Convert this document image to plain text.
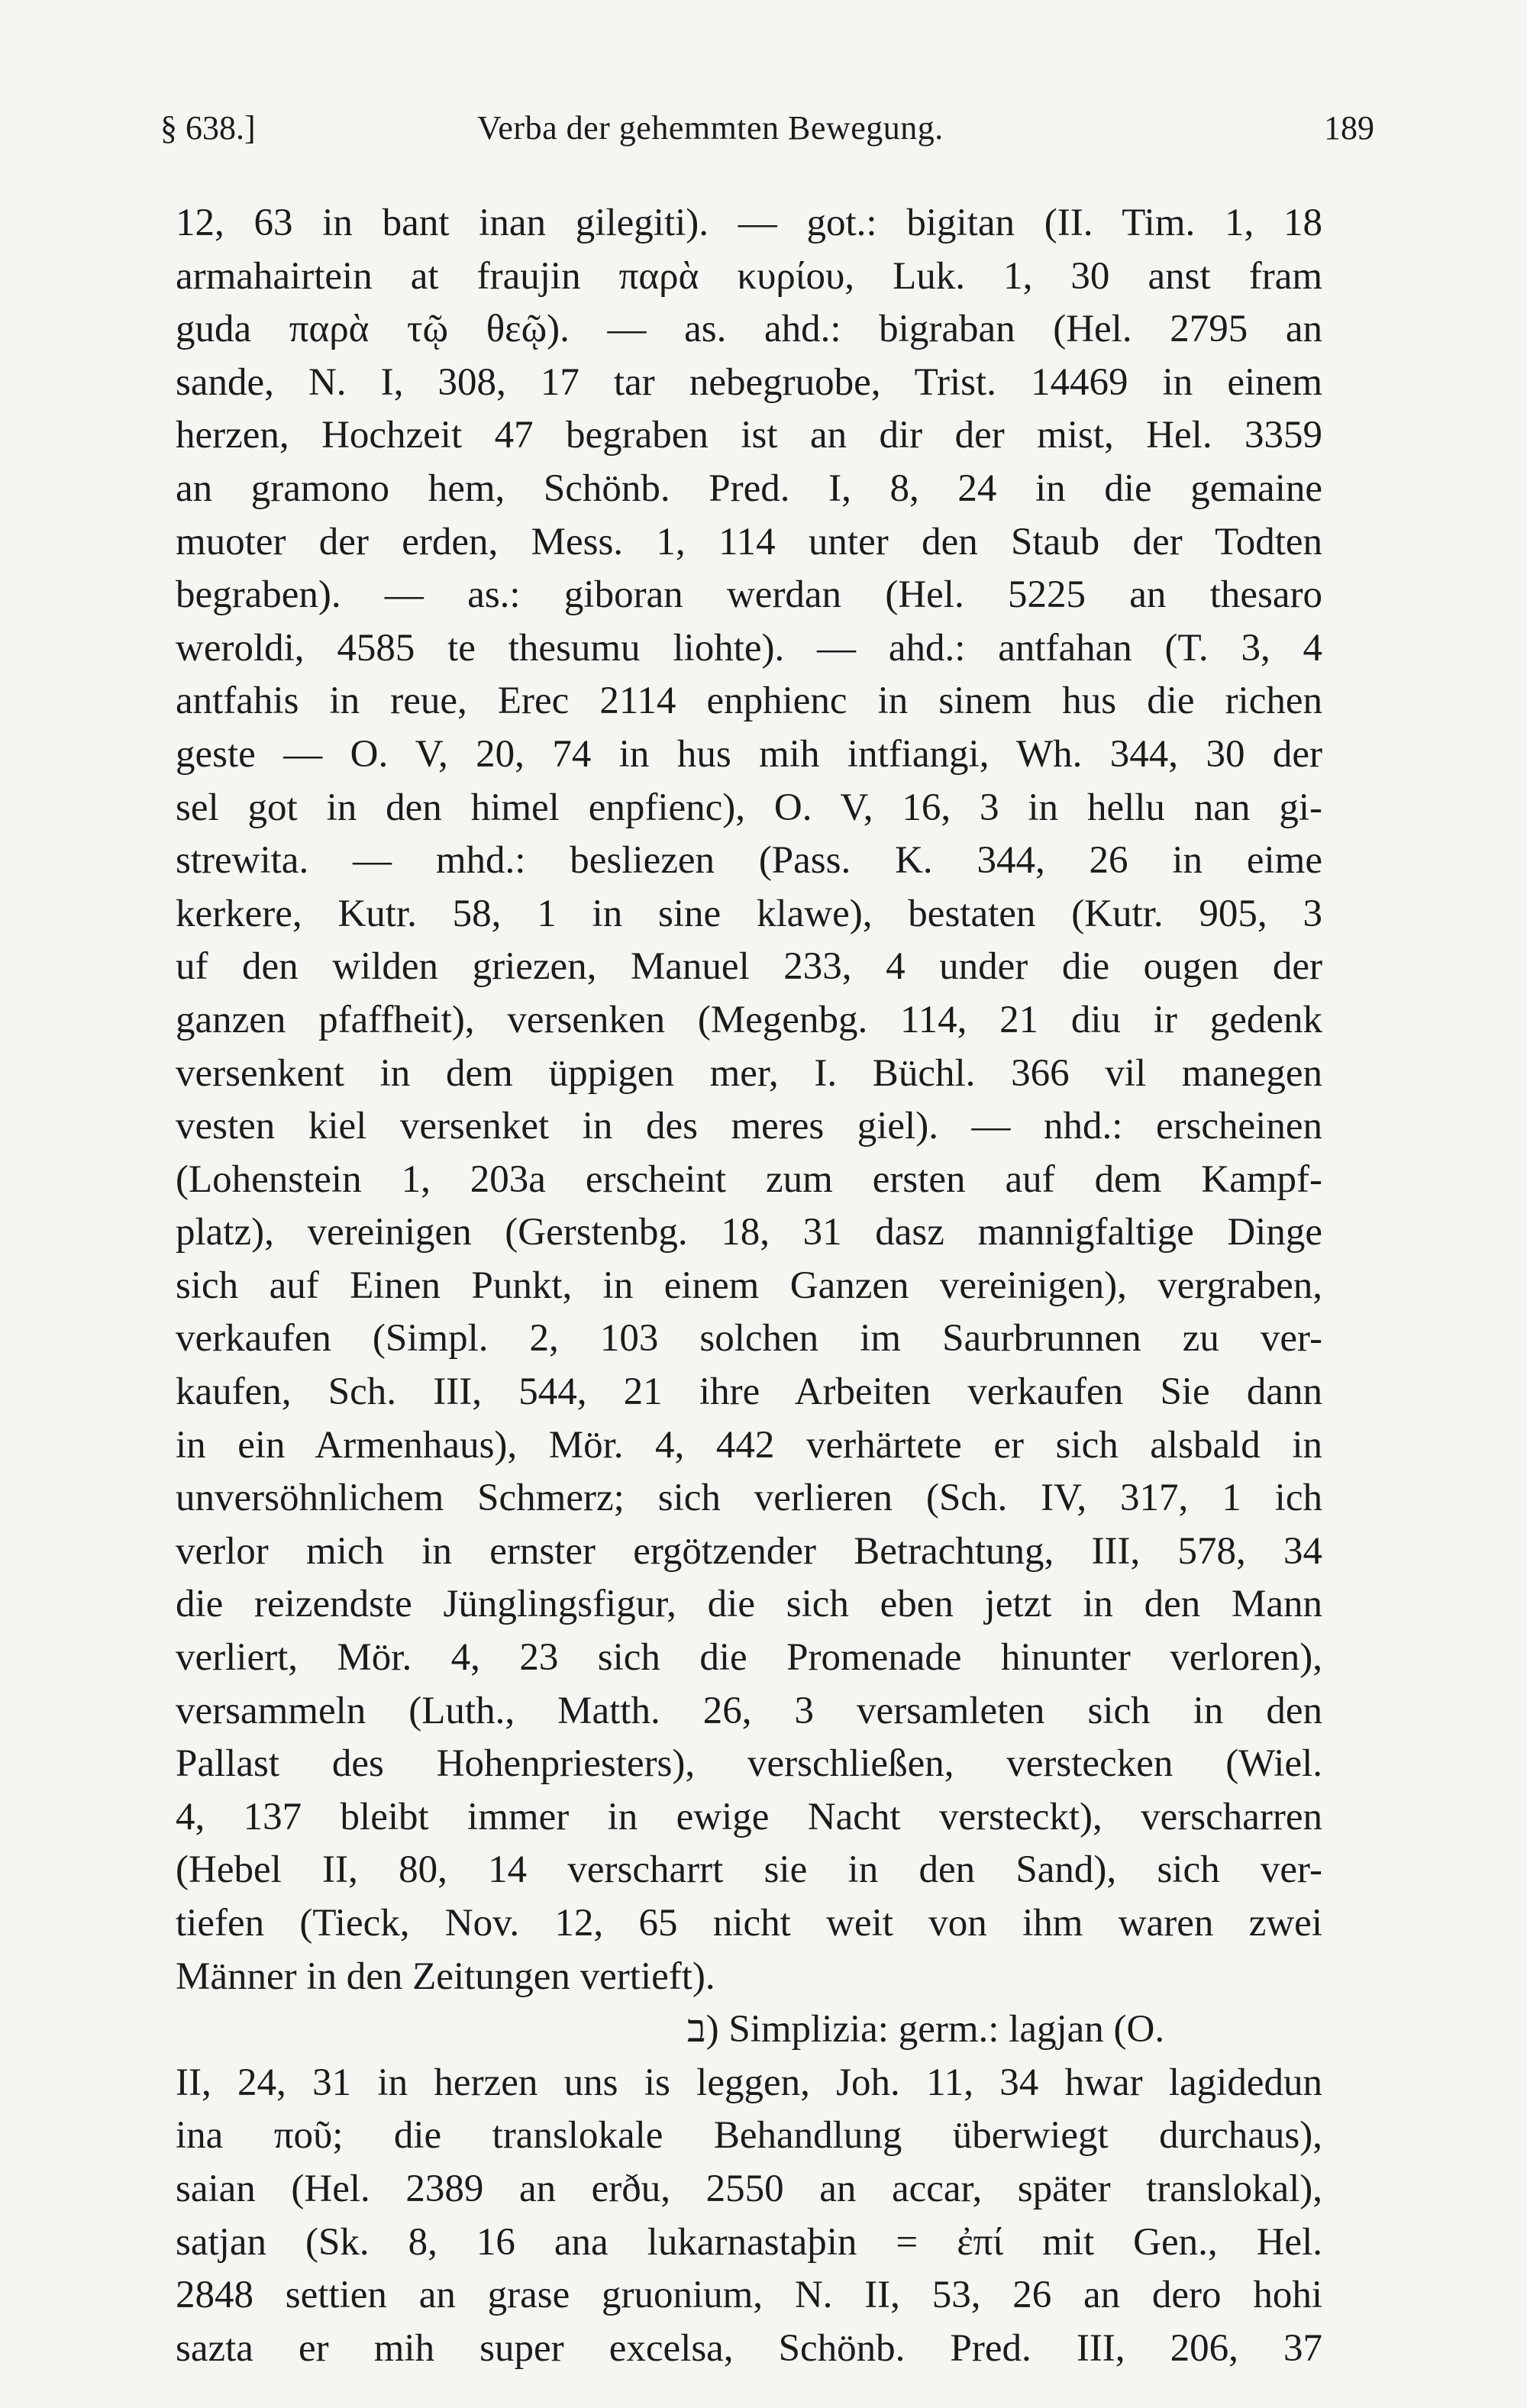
§ 638.]	Verba der gehemmten Bewegung.	189
12, 63 in bant inan gilegiti). — got.: bigitan (II. Tim. 1, 18
armahairtein at fraujin παρὰ κυρίου, Luk. 1, 30 anst fram
guda παρὰ τῷ θεῷ). — as. ahd.: bigraban (Hel. 2795 an
sande, N. I, 308, 17 tar nebegruobe, Trist. 14469 in einem
herzen, Hochzeit 47 begraben ist an dir der mist, Hel. 3359
an gramono hem, Schönb. Pred. I, 8, 24 in die gemaine
muoter der erden, Mess. 1, 114 unter den Staub der Todten
begraben). — as.: giboran werdan (Hel. 5225 an thesaro
weroldi, 4585 te thesumu liohte). — ahd.: antfahan (T. 3, 4
antfahis in reue, Erec 2114 enphienc in sinem hus die richen
geste — O. V, 20, 74 in hus mih intfiangi, Wh. 344, 30 der
sel got in den himel enpfienc), O. V, 16, 3 in hellu nan gi-
strewita. — mhd.: besliezen (Pass. K. 344, 26 in eime
kerkere, Kutr. 58, 1 in sine klawe), bestaten (Kutr. 905, 3
uf den wilden griezen, Manuel 233, 4 under die ougen der
ganzen pfaffheit), versenken (Megenbg. 114, 21 diu ir gedenk
versenkent in dem üppigen mer, I. Büchl. 366 vil manegen
vesten kiel versenket in des meres giel). — nhd.: erscheinen
(Lohenstein 1, 203a erscheint zum ersten auf dem Kampf-
platz), vereinigen (Gerstenbg. 18, 31 dasz mannigfaltige Dinge
sich auf Einen Punkt, in einem Ganzen vereinigen), vergraben,
verkaufen (Simpl. 2, 103 solchen im Saurbrunnen zu ver-
kaufen, Sch. III, 544, 21 ihre Arbeiten verkaufen Sie dann
in ein Armenhaus), Mör. 4, 442 verhärtete er sich alsbald in
unversöhnlichem Schmerz; sich verlieren (Sch. IV, 317, 1 ich
verlor mich in ernster ergötzender Betrachtung, III, 578, 34
die reizendste Jünglingsfigur, die sich eben jetzt in den Mann
verliert, Mör. 4, 23 sich die Promenade hinunter verloren),
versammeln (Luth., Matth. 26, 3 versamleten sich in den
Pallast des Hohenpriesters), verschließen, verstecken (Wiel.
4, 137 bleibt immer in ewige Nacht versteckt), verscharren
(Hebel II, 80, 14 verscharrt sie in den Sand), sich ver-
tiefen (Tieck, Nov. 12, 65 nicht weit von ihm waren zwei
Männer in den Zeitungen vertieft).
ב) Simplizia: germ.: lagjan (O.
II, 24, 31 in herzen uns is leggen, Joh. 11, 34 hwar lagidedun
ina ποῦ; die translokale Behandlung überwiegt durchaus),
saian (Hel. 2389 an erðu, 2550 an accar, später translokal),
satjan (Sk. 8, 16 ana lukarnastaþin = ἐπί mit Gen., Hel.
2848 settien an grase gruonium, N. II, 53, 26 an dero hohi
sazta er mih super excelsa, Schönb. Pred. III, 206, 37
